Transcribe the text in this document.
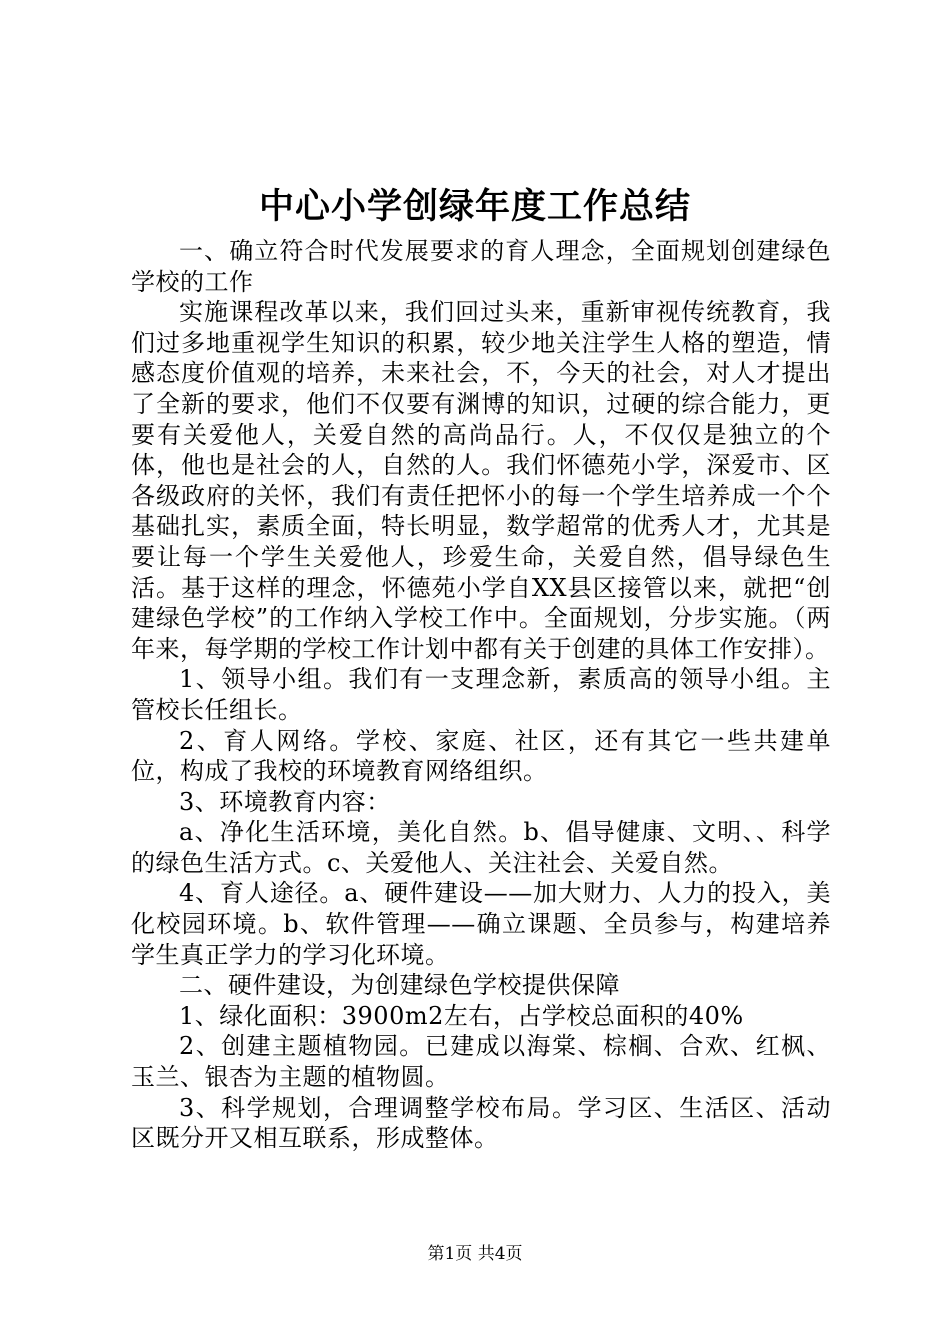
中心小学创绿年度工作总结

一、确立符合时代发展要求的育人理念，全面规划创建绿色学校的工作

实施课程改革以来，我们回过头来，重新审视传统教育，我们过多地重视学生知识的积累，较少地关注学生人格的塑造，情感态度价值观的培养，未来社会，不，今天的社会，对人才提出了全新的要求，他们不仅要有渊博的知识，过硬的综合能力，更要有关爱他人，关爱自然的高尚品行。人，不仅仅是独立的个体，他也是社会的人，自然的人。我们怀德苑小学，深爱市、区各级政府的关怀，我们有责任把怀小的每一个学生培养成一个个基础扎实，素质全面，特长明显，数学超常的优秀人才，尤其是要让每一个学生关爱他人，珍爱生命，关爱自然，倡导绿色生活。基于这样的理念，怀德苑小学自XX县区接管以来，就把“创建绿色学校”的工作纳入学校工作中。全面规划，分步实施。（两年来，每学期的学校工作计划中都有关于创建的具体工作安排）。

1、领导小组。我们有一支理念新，素质高的领导小组。主管校长任组长。

2、育人网络。学校、家庭、社区，还有其它一些共建单位，构成了我校的环境教育网络组织。

3、环境教育内容：

a、净化生活环境，美化自然。b、倡导健康、文明、、科学的绿色生活方式。c、关爱他人、关注社会、关爱自然。

4、育人途径。a、硬件建设——加大财力、人力的投入，美化校园环境。b、软件管理——确立课题、全员参与，构建培养学生真正学力的学习化环境。

二、硬件建设，为创建绿色学校提供保障

1、绿化面积：3900m2左右，占学校总面积的40%

2、创建主题植物园。已建成以海棠、棕榈、合欢、红枫、玉兰、银杏为主题的植物圆。

3、科学规划，合理调整学校布局。学习区、生活区、活动区既分开又相互联系，形成整体。

第1页 共4页
